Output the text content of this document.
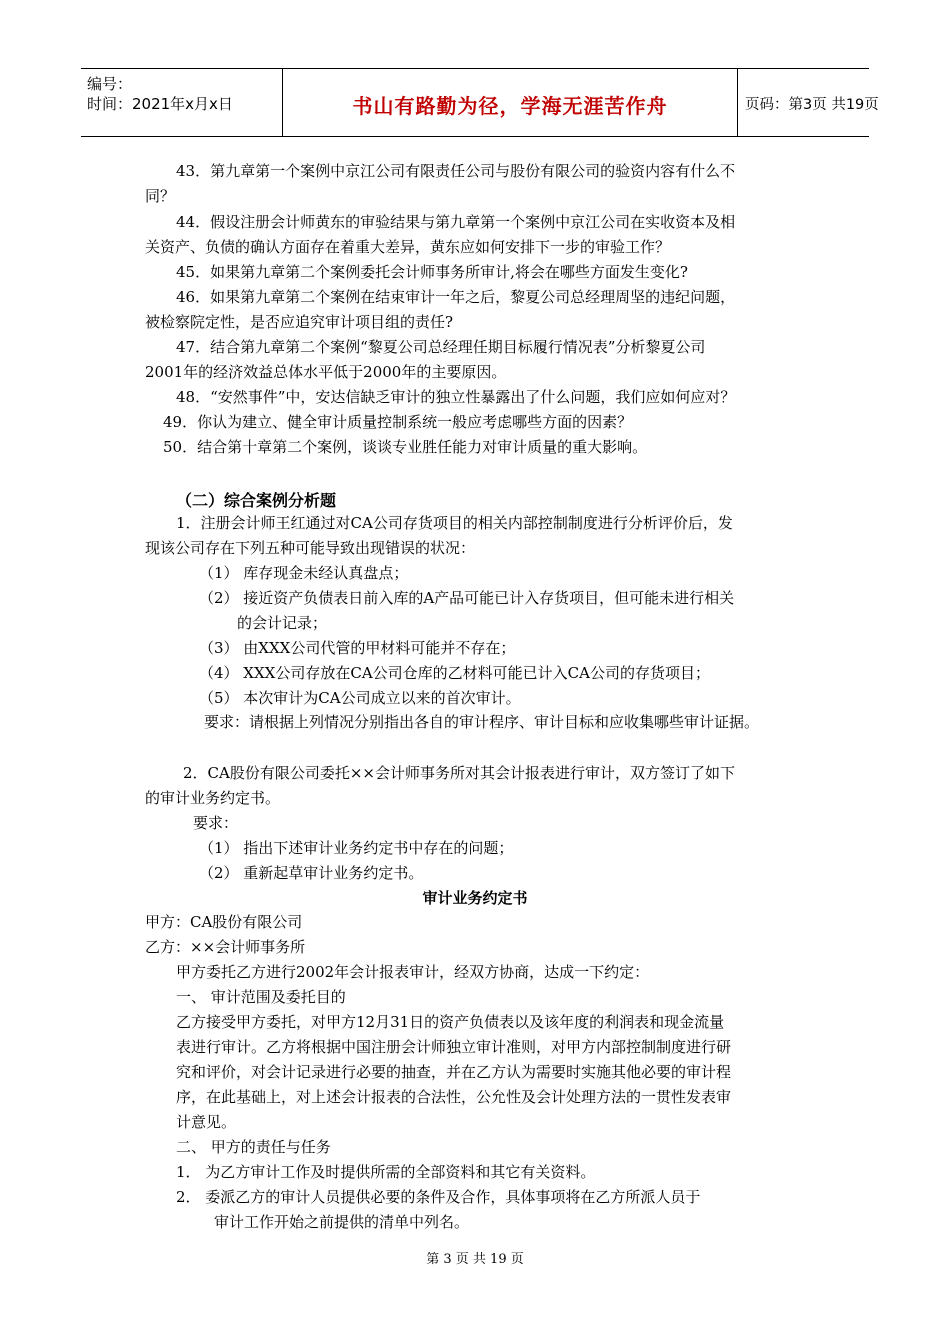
编号：
时间：2021年x月x日	书山有路勤为径，学海无涯苦作舟	页码：第3页 共19页
43．第九章第一个案例中京江公司有限责任公司与股份有限公司的验资内容有什么不
同？
44．假设注册会计师黄东的审验结果与第九章第一个案例中京江公司在实收资本及相
关资产、负债的确认方面存在着重大差异，黄东应如何安排下一步的审验工作？
45．如果第九章第二个案例委托会计师事务所审计,将会在哪些方面发生变化?
46．如果第九章第二个案例在结束审计一年之后，黎夏公司总经理周坚的违纪问题，
被检察院定性，是否应追究审计项目组的责任?
47．结合第九章第二个案例“黎夏公司总经理任期目标履行情况表”分析黎夏公司
2001年的经济效益总体水平低于2000年的主要原因。
48．“安然事件”中，安达信缺乏审计的独立性暴露出了什么问题，我们应如何应对？
49．你认为建立、健全审计质量控制系统一般应考虑哪些方面的因素？
50．结合第十章第二个案例，谈谈专业胜任能力对审计质量的重大影响。
（二）综合案例分析题
1．注册会计师王红通过对CA公司存货项目的相关内部控制制度进行分析评价后，发
现该公司存在下列五种可能导致出现错误的状况：
（1） 库存现金未经认真盘点；
（2） 接近资产负债表日前入库的A产品可能已计入存货项目，但可能未进行相关
的会计记录；
（3） 由XXX公司代管的甲材料可能并不存在；
（4） XXX公司存放在CA公司仓库的乙材料可能已计入CA公司的存货项目；
（5） 本次审计为CA公司成立以来的首次审计。
要求：请根据上列情况分别指出各自的审计程序、审计目标和应收集哪些审计证据。
2．CA股份有限公司委托××会计师事务所对其会计报表进行审计，双方签订了如下
的审计业务约定书。
要求：
（1） 指出下述审计业务约定书中存在的问题；
（2） 重新起草审计业务约定书。
审计业务约定书
甲方：CA股份有限公司
乙方：××会计师事务所
甲方委托乙方进行2002年会计报表审计，经双方协商，达成一下约定：
一、 审计范围及委托目的
乙方接受甲方委托，对甲方12月31日的资产负债表以及该年度的利润表和现金流量
表进行审计。乙方将根据中国注册会计师独立审计准则，对甲方内部控制制度进行研
究和评价，对会计记录进行必要的抽查，并在乙方认为需要时实施其他必要的审计程
序，在此基础上，对上述会计报表的合法性，公允性及会计处理方法的一贯性发表审
计意见。
二、 甲方的责任与任务
1． 为乙方审计工作及时提供所需的全部资料和其它有关资料。
2． 委派乙方的审计人员提供必要的条件及合作，具体事项将在乙方所派人员于
审计工作开始之前提供的清单中列名。
第 3 页 共 19 页
